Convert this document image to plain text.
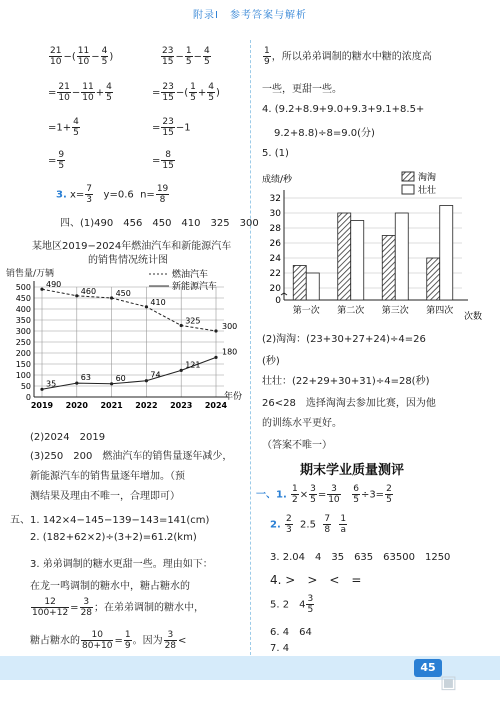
附录Ⅰ　参考答案与解析
$\frac{21}{10}$ −( $\frac{11}{10} - \frac{4}{5}$ )	$\frac{23}{15} - \frac{1}{5} - \frac{4}{5}$
= $\frac{21}{10} - \frac{11}{10} + \frac{4}{5}$	= $\frac{23}{15}$ −( $\frac{1}{5} + \frac{4}{5}$ )
$=1+ \frac{4}{5}$	= $\frac{23}{15} -1$
= $\frac{9}{5}$	= $\frac{8}{15}$
3. $x= \frac{7}{3} y=0.6$ $n= \frac{19}{8}$
四、(1)490　456　450　410　325　300
某地区2019−2024年燃油汽车和新能源汽车
的销售情况统计图
销售量/万辆	燃油汽车
新能源汽车
年份
0
50
100
150
200
250
300
350
400
450
500
2019 2020 2021 2022 2023 2024
490
460 450
410
325
300
35
63	60	74
121
180
(2)2024　2019
(3)250　200　燃油汽车的销售量逐年减少，
新能源汽车的销售量逐年增加。（预
测结果及理由不唯一，合理即可）
五、1. 142×4−145−139−143=141(cm)
2. (182+62×2)÷(3+2)=61.2(km)
3. 弟弟调制的糖水更甜一些。理由如下：
在龙一鸣调制的糖水中，糖占糖水的
$\frac{12}{100+12} = \frac{3}{28}$ ；在弟弟调制的糖水中，
糖占糖水的 $\frac{10}{80+10} = \frac{1}{9}$ 。因为 $\frac{3}{28}$ <
$\frac{1}{9}$ ，所以弟弟调制的糖水中糖的浓度高
一些，更甜一些。
4. (9.2+8.9+9.0+9.3+9.1+8.5+
9.2+8.8)÷8=9.0(分)
5. (1)
成绩/秒	淘淘
壮壮
次数
0
20
22
24
26
28
30
32
第一次 第二次 第三次 第四次
(2)淘淘：(23+30+27+24)÷4=26
(秒)
壮壮：(22+29+30+31)÷4=28(秒)
26<28　选择淘淘去参加比赛，因为他
的训练水平更好。
（答案不唯一）
期末学业质量测评
一、1. $\frac{1}{2} \times \frac{3}{5} = \frac{3}{10}$
$\frac{6}{5} \div 3= \frac{2}{5}$
2. $\frac{2}{3} 2.5 \frac{7}{8}$
$\frac{1}{a}$
3. 2.04　4　35　635　63500　1250
4. >　>　<　=
5. 2　$4 \frac{3}{5}$
6. 4　64
7. 4
45
▣
